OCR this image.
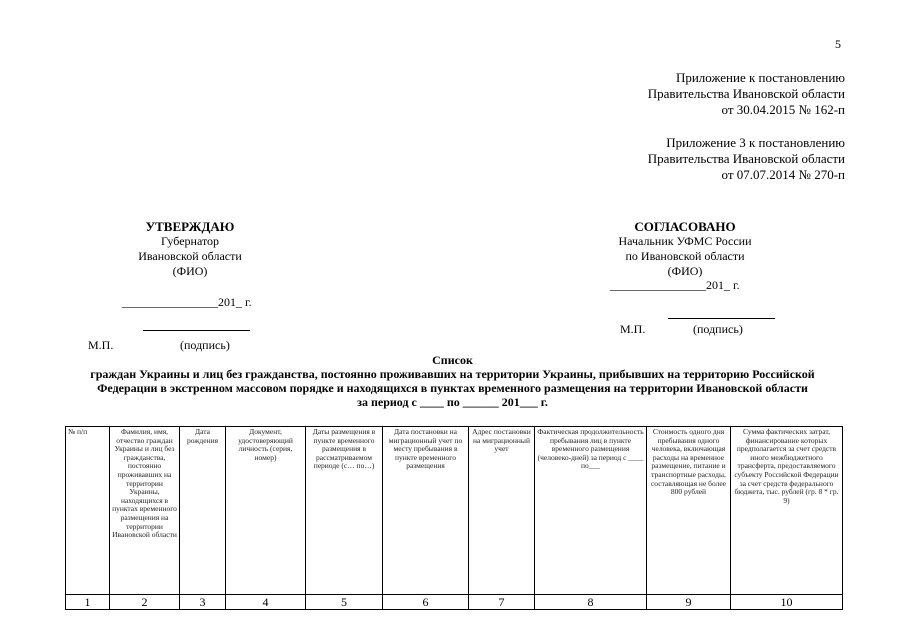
5
Приложение к постановлению
Правительства Ивановской области
от 30.04.2015 № 162-п
Приложение 3 к постановлению
Правительства Ивановской области
от 07.07.2014 № 270-п
УТВЕРЖДАЮ
Губернатор
Ивановской области
(ФИО)
________________201_ г.
М.П.	(подпись)
СОГЛАСОВАНО
Начальник УФМС России
по Ивановской области
(ФИО)
________________201_ г.
М.П.	(подпись)
Список
граждан Украины и лиц без гражданства, постоянно проживавших на территории Украины, прибывших на территорию Российской Федерации в экстренном массовом порядке и находящихся в пунктах временного размещения на территории Ивановской области
за период с ____ по ______ 201___ г.
№ п/п	Фамилия, имя, отчество граждан Украины и лиц без гражданства, постоянно проживавших на территории Украины, находящихся в пунктах временного размещения на территории Ивановской области	Дата рождения	Документ, удостоверяющий личность (серия, номер)	Даты размещения в пункте временного размещения в рассматриваемом периоде (с… по…)	Дата постановки на миграционный учет по месту пребывания в пункте временного размещения	Адрес постановки на миграционный учет	Фактическая продолжительность пребывания лиц в пункте временного размещения (человеко-дней) за период с ____ по___	Стоимость одного дня пребывания одного человека, включающая расходы на временное размещение, питание и транспортные расходы, составляющая не более 800 рублей	Сумма фактических затрат, финансирование которых предполагается за счет средств иного межбюджетного трансферта, предоставляемого субъекту Российской Федерации за счет средств федерального бюджета, тыс. рублей (гр. 8 * гр. 9)
1	2	3	4	5	6	7	8	9	10
